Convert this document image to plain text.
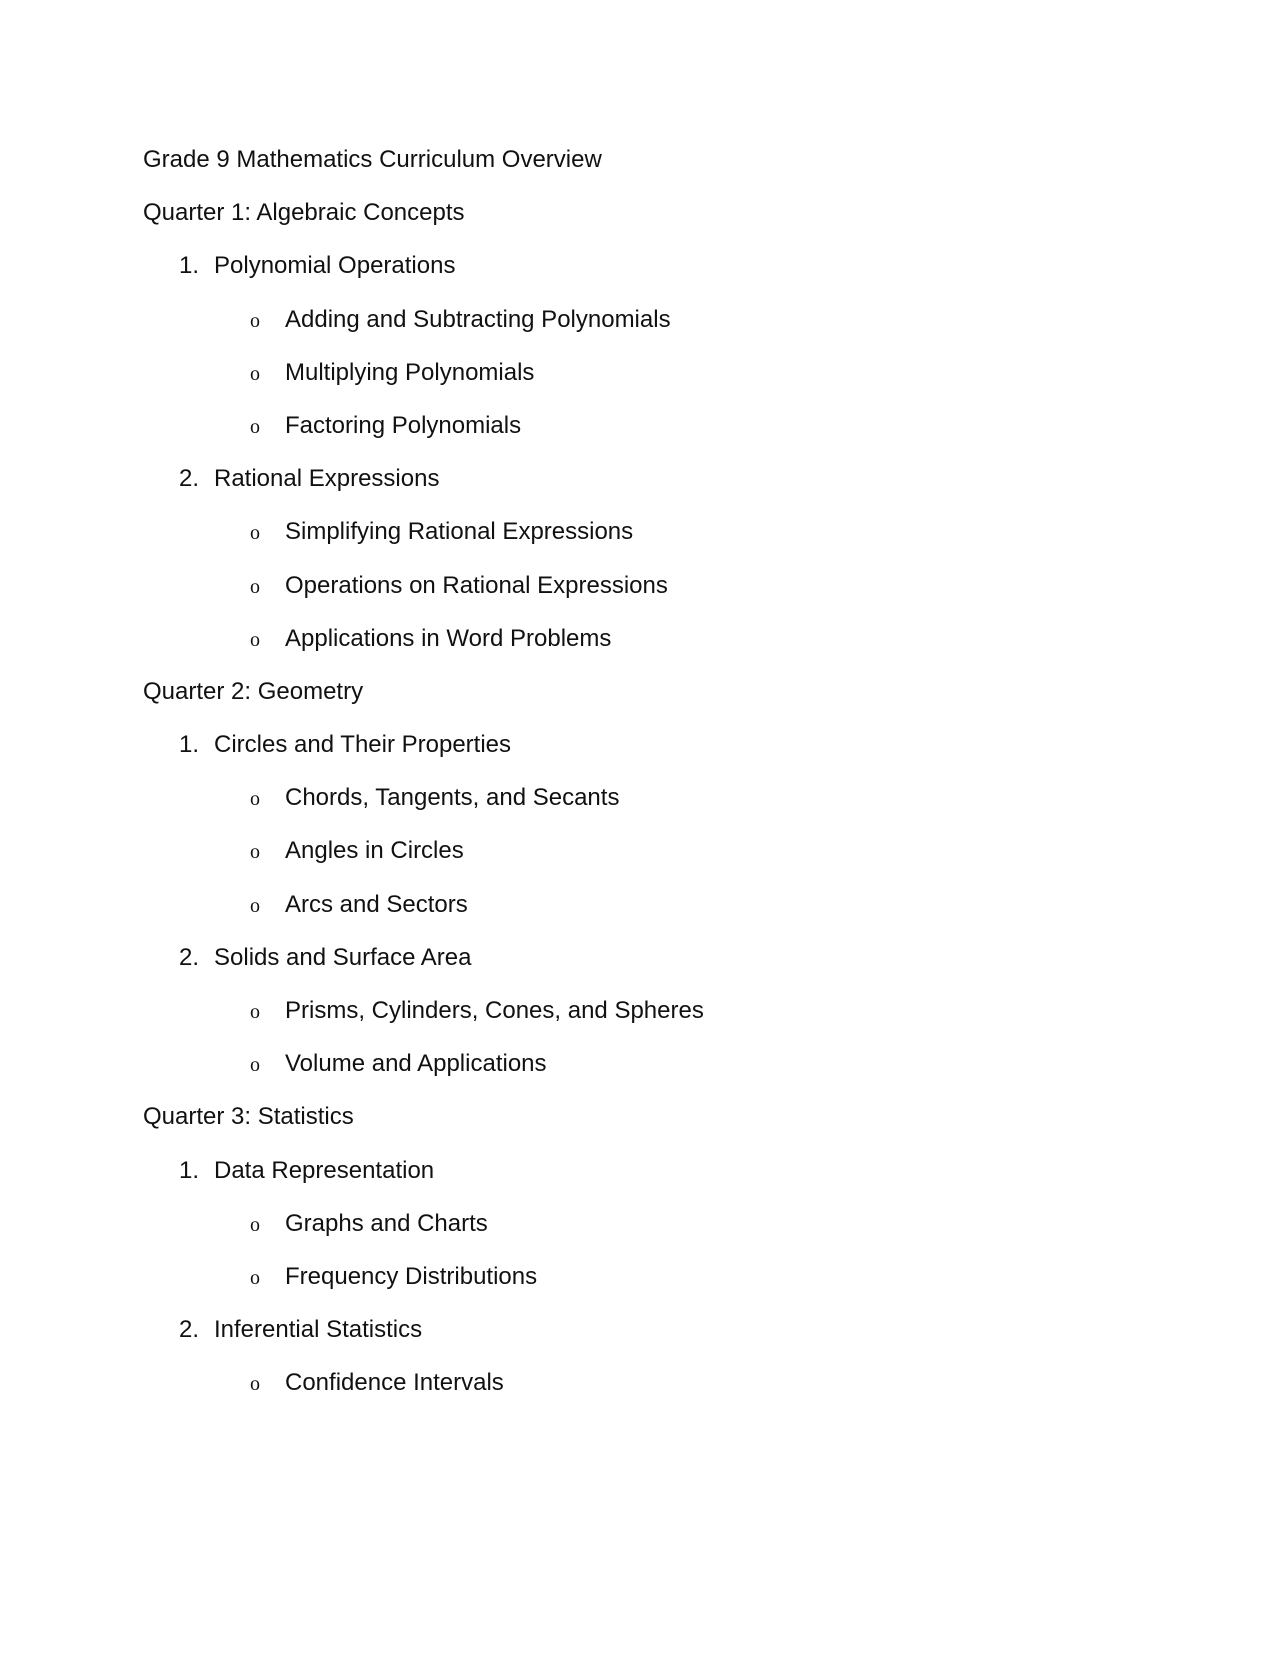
Grade 9 Mathematics Curriculum Overview
Quarter 1: Algebraic Concepts
1. Polynomial Operations
o Adding and Subtracting Polynomials
o Multiplying Polynomials
o Factoring Polynomials
2. Rational Expressions
o Simplifying Rational Expressions
o Operations on Rational Expressions
o Applications in Word Problems
Quarter 2: Geometry
1. Circles and Their Properties
o Chords, Tangents, and Secants
o Angles in Circles
o Arcs and Sectors
2. Solids and Surface Area
o Prisms, Cylinders, Cones, and Spheres
o Volume and Applications
Quarter 3: Statistics
1. Data Representation
o Graphs and Charts
o Frequency Distributions
2. Inferential Statistics
o Confidence Intervals
